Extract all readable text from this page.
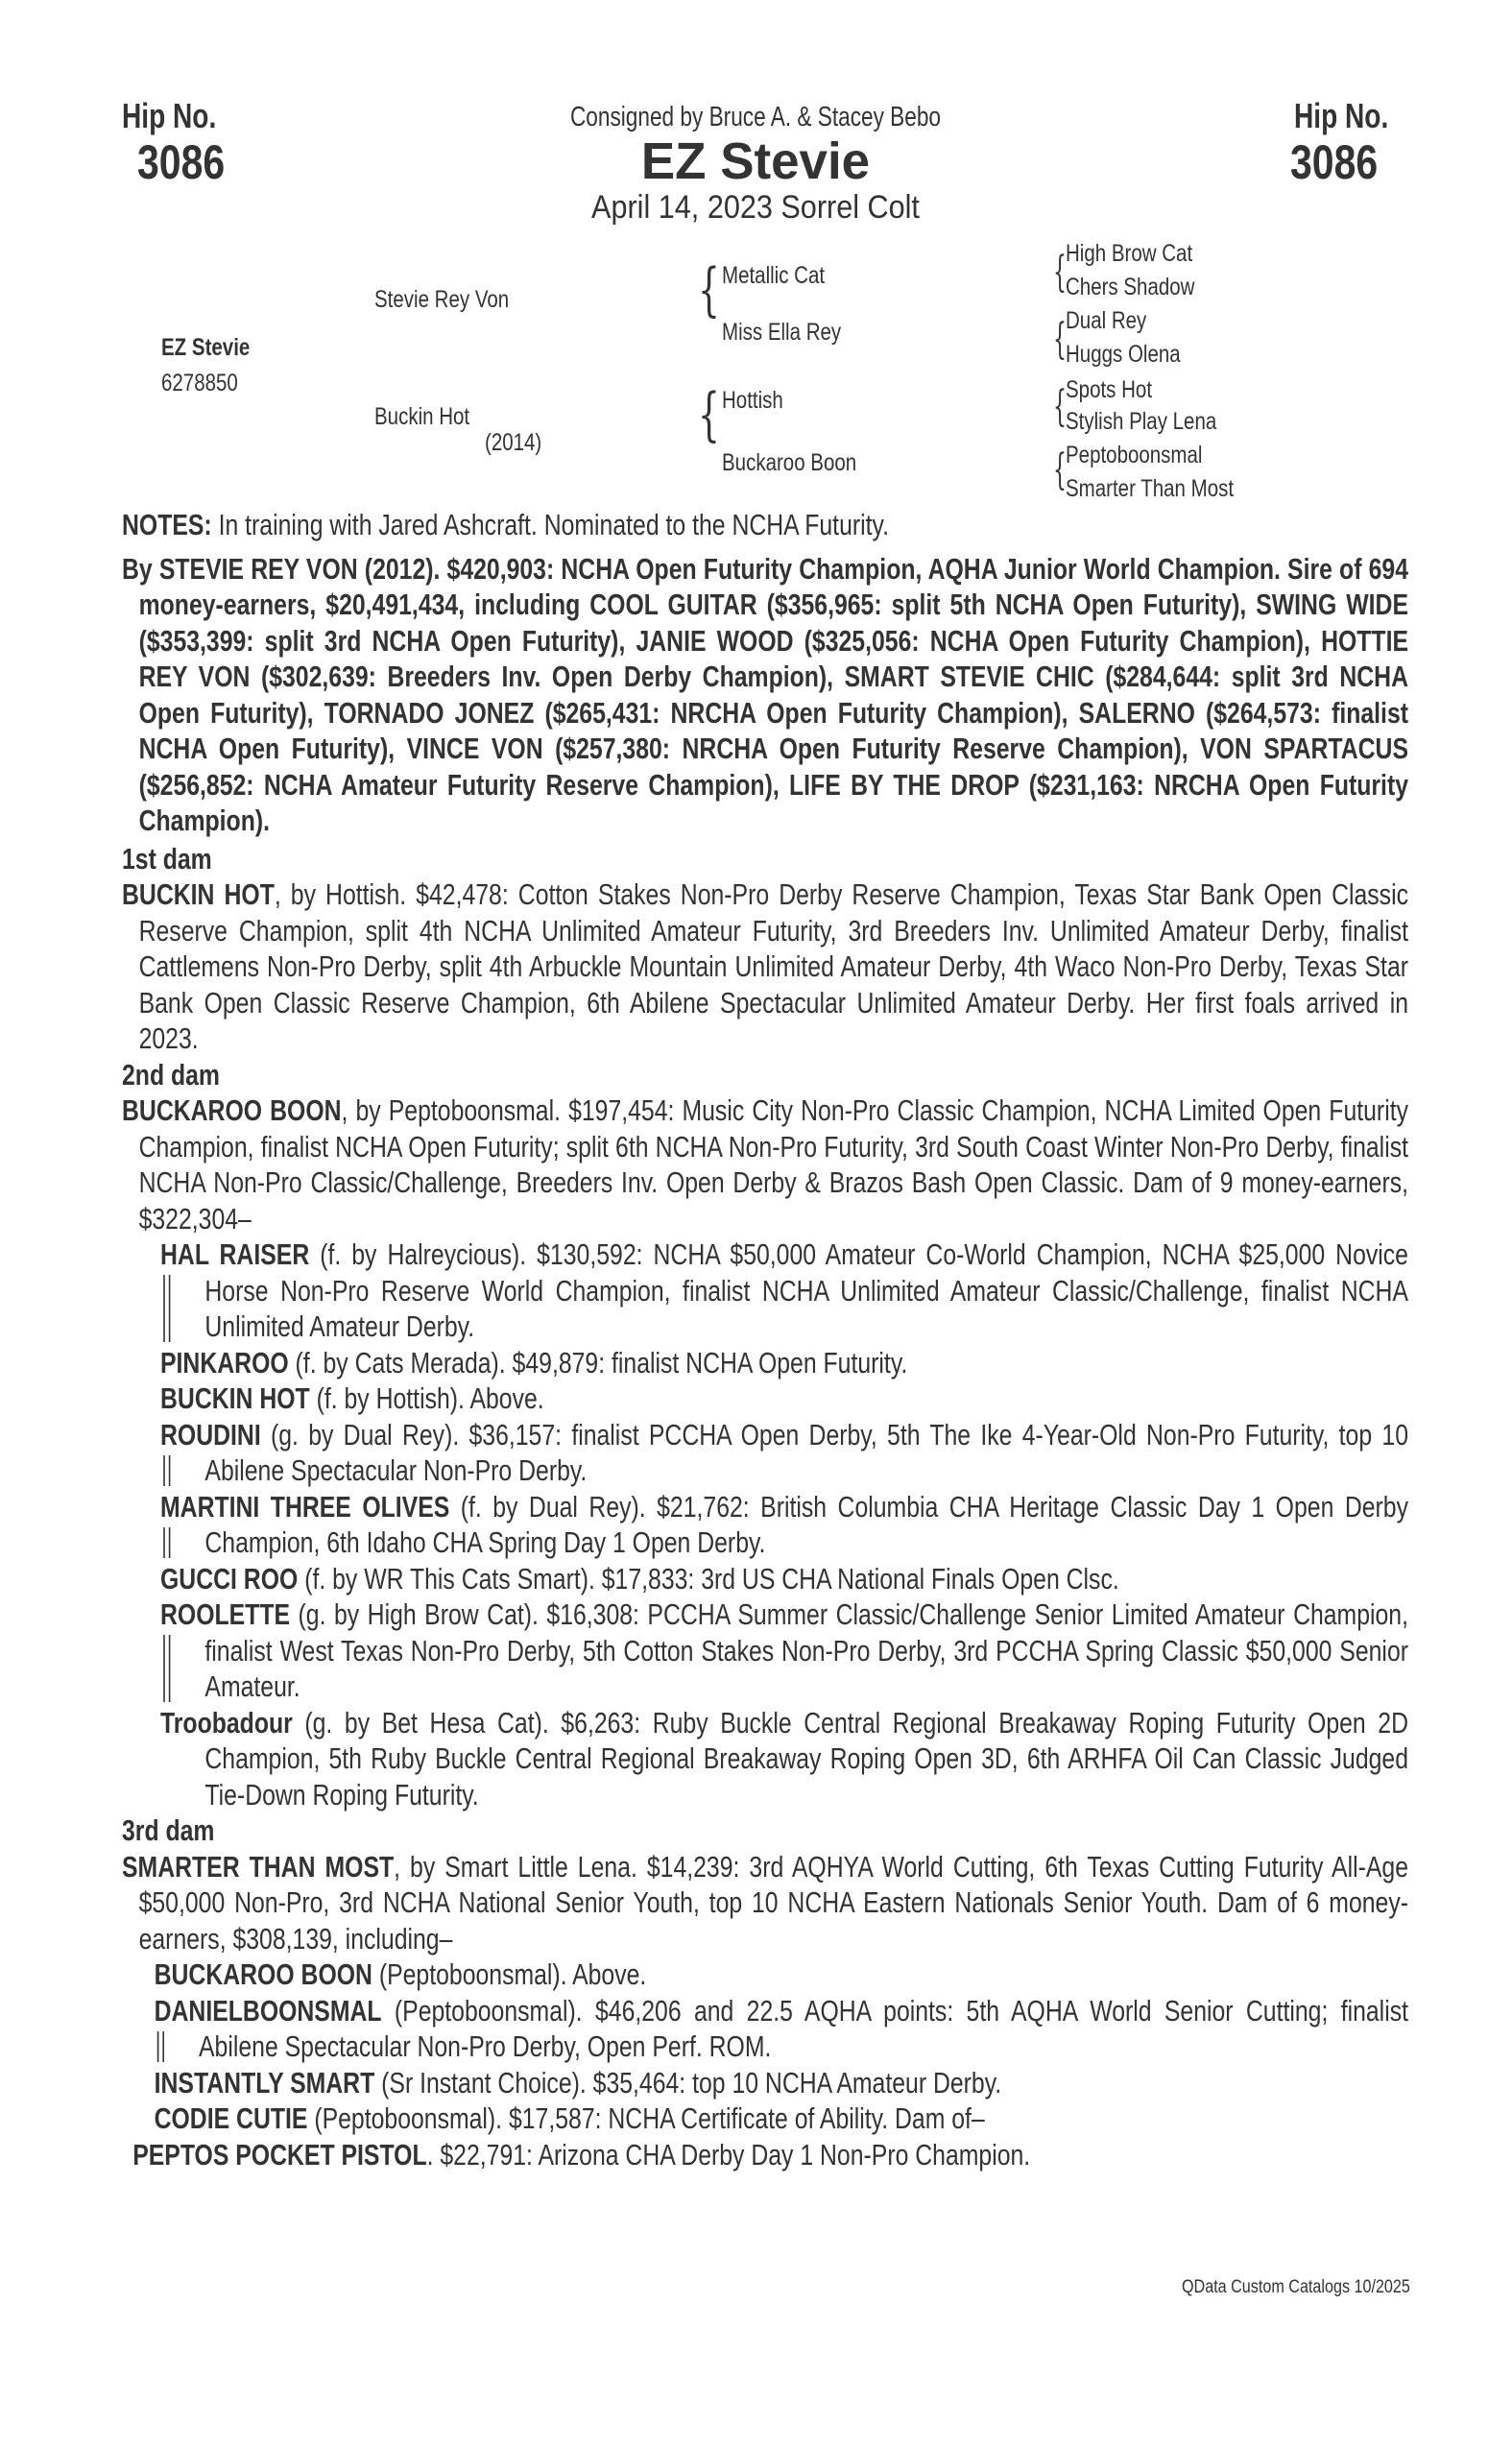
Hip No.
3086
Hip No.
3086
Consigned by Bruce A. & Stacey Bebo
EZ Stevie
April 14, 2023 Sorrel Colt
EZ Stevie
6278850
Stevie Rey Von
Buckin Hot
(2014)
{ Metallic Cat
Miss Ella Rey
{ Hottish
Buckaroo Boon
{
{
{
{
High Brow Cat
Chers Shadow
Dual Rey
Huggs Olena
Spots Hot
Stylish Play Lena
Peptoboonsmal
Smarter Than Most

NOTES: In training with Jared Ashcraft. Nominated to the NCHA Futurity.

By STEVIE REY VON (2012). $420,903: NCHA Open Futurity Champion, AQHA Junior World Champion. Sire of 694 money-earners, $20,491,434, including COOL GUITAR ($356,965: split 5th NCHA Open Futurity), SWING WIDE ($353,399: split 3rd NCHA Open Futurity), JANIE WOOD ($325,056: NCHA Open Futurity Champion), HOTTIE REY VON ($302,639: Breeders Inv. Open Derby Champion), SMART STEVIE CHIC ($284,644: split 3rd NCHA Open Futurity), TORNADO JONEZ ($265,431: NRCHA Open Futurity Champion), SALERNO ($264,573: finalist NCHA Open Futurity), VINCE VON ($257,380: NRCHA Open Futurity Reserve Champion), VON SPARTACUS ($256,852: NCHA Amateur Futurity Reserve Champion), LIFE BY THE DROP ($231,163: NRCHA Open Futurity Champion).

1st dam

BUCKIN HOT, by Hottish. $42,478: Cotton Stakes Non-Pro Derby Reserve Champion, Texas Star Bank Open Classic Reserve Champion, split 4th NCHA Unlimited Amateur Futurity, 3rd Breeders Inv. Unlimited Amateur Derby, finalist Cattlemens Non-Pro Derby, split 4th Arbuckle Mountain Unlimited Amateur Derby, 4th Waco Non-Pro Derby, Texas Star Bank Open Classic Reserve Champion, 6th Abilene Spectacular Unlimited Amateur Derby. Her first foals arrived in 2023.

2nd dam

BUCKAROO BOON, by Peptoboonsmal. $197,454: Music City Non-Pro Classic Champion, NCHA Limited Open Futurity Champion, finalist NCHA Open Futurity; split 6th NCHA Non-Pro Futurity, 3rd South Coast Winter Non-Pro Derby, finalist NCHA Non-Pro Classic/Challenge, Breeders Inv. Open Derby & Brazos Bash Open Classic. Dam of 9 money-earners, $322,304–

HAL RAISER (f. by Halreycious). $130,592: NCHA $50,000 Amateur Co-World Champion, NCHA $25,000 Novice Horse Non-Pro Reserve World Champion, finalist NCHA Unlimited Amateur Classic/Challenge, finalist NCHA Unlimited Amateur Derby.

PINKAROO (f. by Cats Merada). $49,879: finalist NCHA Open Futurity.

BUCKIN HOT (f. by Hottish). Above.

ROUDINI (g. by Dual Rey). $36,157: finalist PCCHA Open Derby, 5th The Ike 4-Year-Old Non-Pro Futurity, top 10 Abilene Spectacular Non-Pro Derby.

MARTINI THREE OLIVES (f. by Dual Rey). $21,762: British Columbia CHA Heritage Classic Day 1 Open Derby Champion, 6th Idaho CHA Spring Day 1 Open Derby.

GUCCI ROO (f. by WR This Cats Smart). $17,833: 3rd US CHA National Finals Open Clsc.

ROOLETTE (g. by High Brow Cat). $16,308: PCCHA Summer Classic/Challenge Senior Limited Amateur Champion, finalist West Texas Non-Pro Derby, 5th Cotton Stakes Non-Pro Derby, 3rd PCCHA Spring Classic $50,000 Senior Amateur.

Troobadour (g. by Bet Hesa Cat). $6,263: Ruby Buckle Central Regional Breakaway Roping Futurity Open 2D Champion, 5th Ruby Buckle Central Regional Breakaway Roping Open 3D, 6th ARHFA Oil Can Classic Judged Tie-Down Roping Futurity.

3rd dam

SMARTER THAN MOST, by Smart Little Lena. $14,239: 3rd AQHYA World Cutting, 6th Texas Cutting Futurity All-Age $50,000 Non-Pro, 3rd NCHA National Senior Youth, top 10 NCHA Eastern Nationals Senior Youth. Dam of 6 money-earners, $308,139, including–

BUCKAROO BOON (Peptoboonsmal). Above.

DANIELBOONSMAL (Peptoboonsmal). $46,206 and 22.5 AQHA points: 5th AQHA World Senior Cutting; finalist Abilene Spectacular Non-Pro Derby, Open Perf. ROM.

INSTANTLY SMART (Sr Instant Choice). $35,464: top 10 NCHA Amateur Derby.

CODIE CUTIE (Peptoboonsmal). $17,587: NCHA Certificate of Ability. Dam of–

PEPTOS POCKET PISTOL. $22,791: Arizona CHA Derby Day 1 Non-Pro Champion.

QData Custom Catalogs 10/2025
